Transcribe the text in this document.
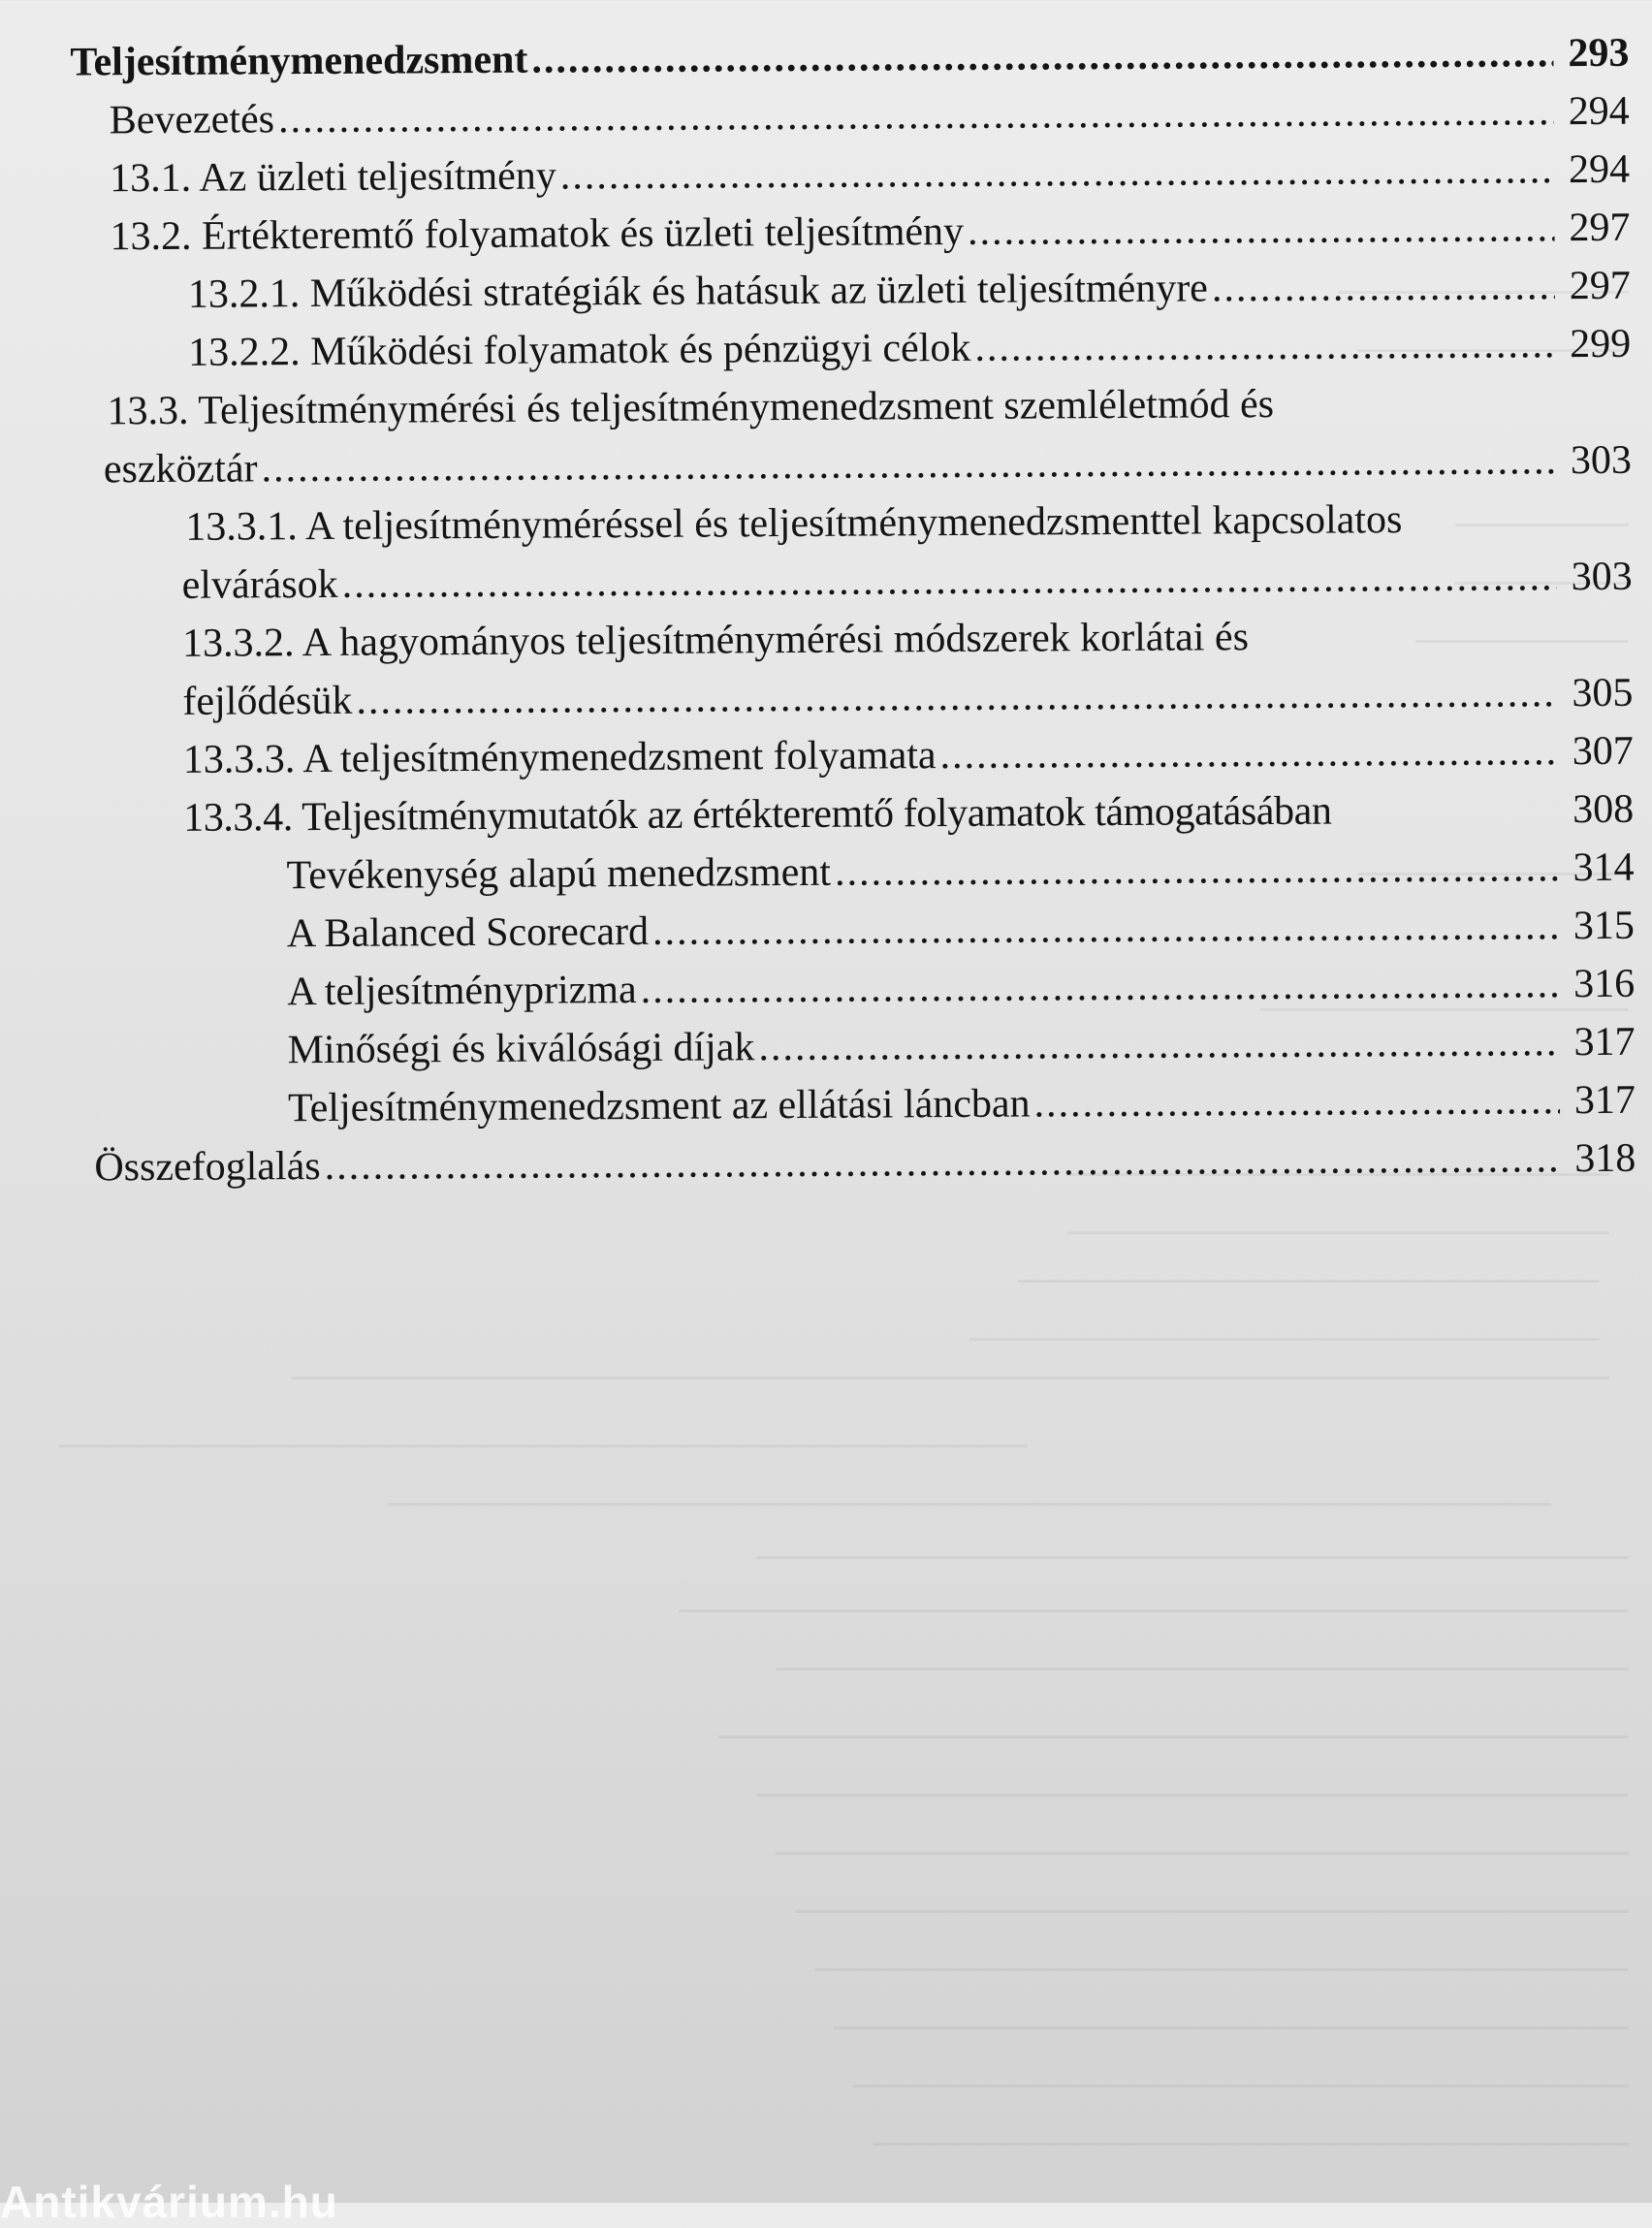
Teljesítménymenedzsment .....	293
Bevezetés .....	294
13.1. Az üzleti teljesítmény .....	294
13.2. Értékteremtő folyamatok és üzleti teljesítmény .....	297
13.2.1. Működési stratégiák és hatásuk az üzleti teljesítményre .....	297
13.2.2. Működési folyamatok és pénzügyi célok .....	299
13.3. Teljesítménymérési és teljesítménymenedzsment szemléletmód és
eszköztár .....	303
13.3.1. A teljesítményméréssel és teljesítménymenedzsmenttel kapcsolatos
elvárások .....	303
13.3.2. A hagyományos teljesítménymérési módszerek korlátai és
fejlődésük .....	305
13.3.3. A teljesítménymenedzsment folyamata .....	307
13.3.4. Teljesítménymutatók az értékteremtő folyamatok támogatásában	308
Tevékenység alapú menedzsment .....	314
A Balanced Scorecard .....	315
A teljesítményprizma .....	316
Minőségi és kiválósági díjak .....	317
Teljesítménymenedzsment az ellátási láncban .....	317
Összefoglalás .....	318
Antikvárium.hu
